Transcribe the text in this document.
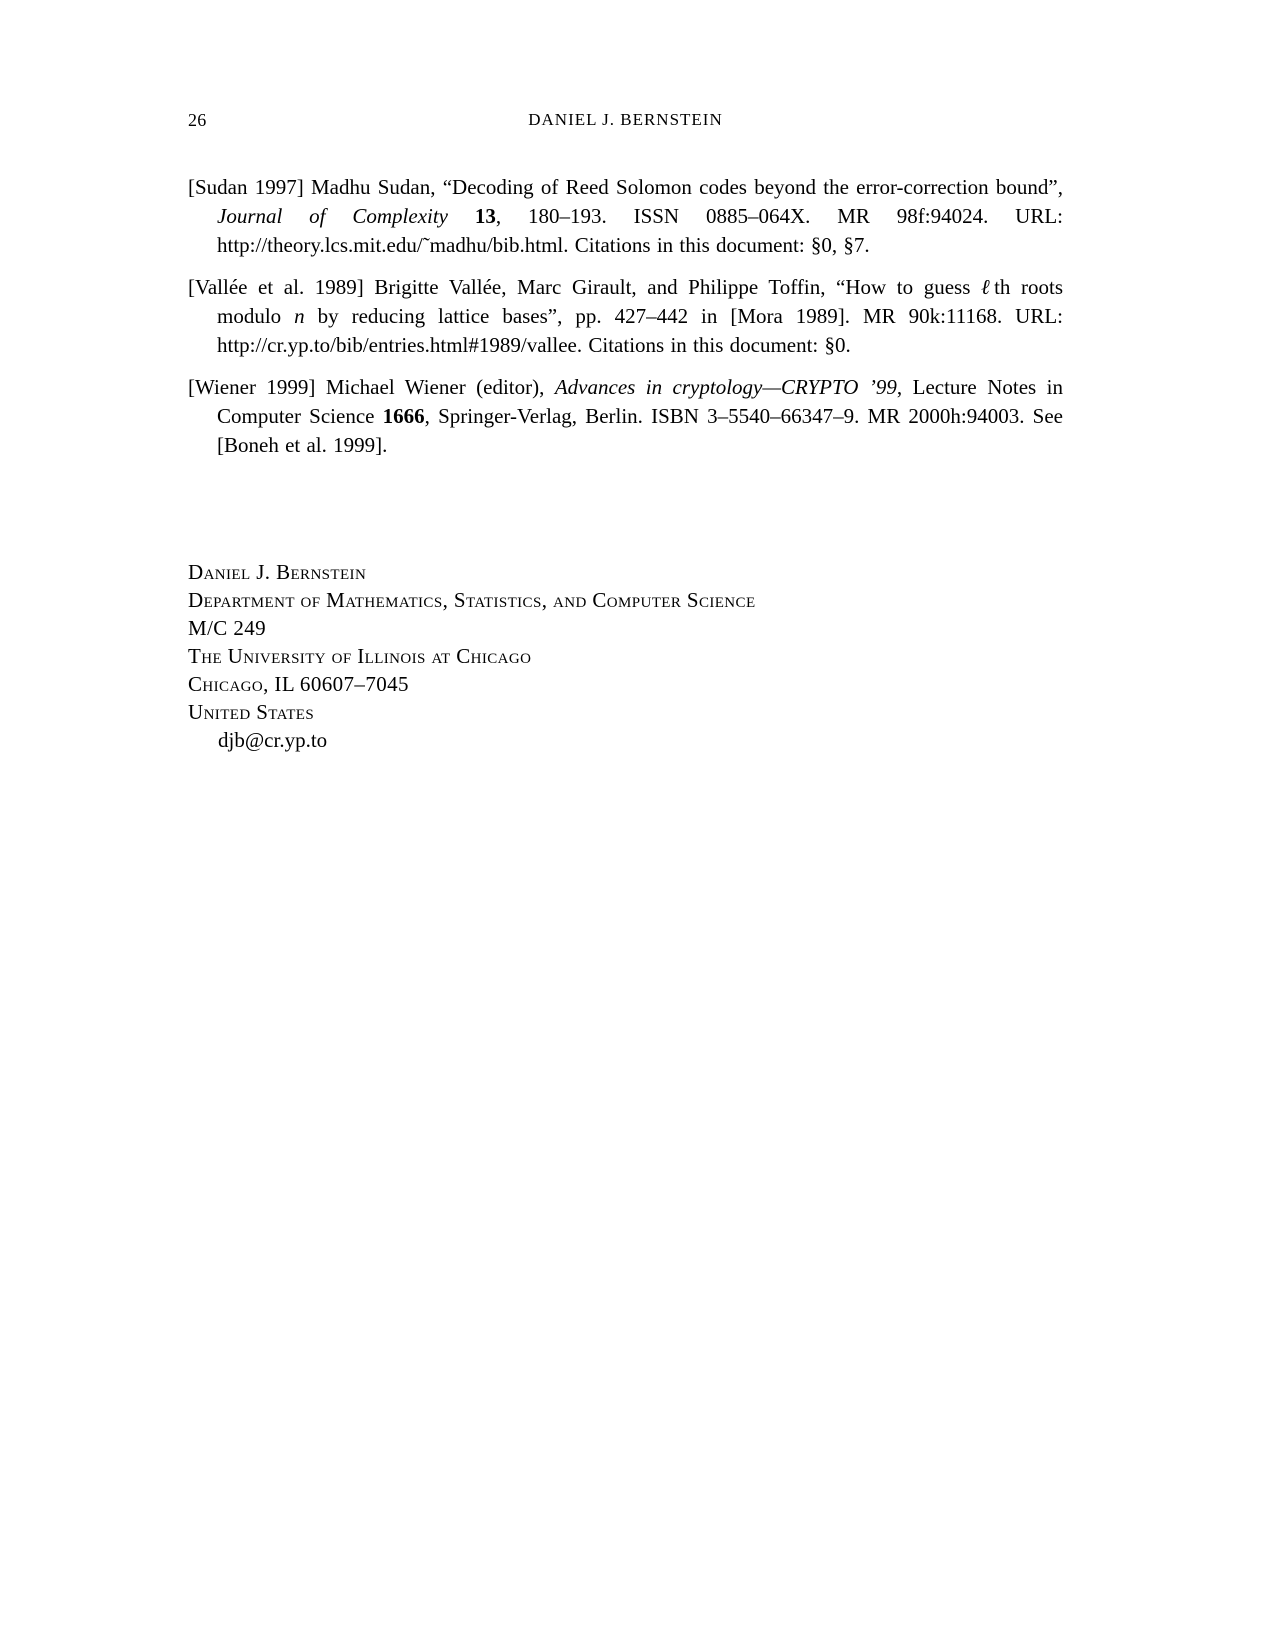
26	DANIEL J. BERNSTEIN

[Sudan 1997] Madhu Sudan, “Decoding of Reed Solomon codes beyond the error-correction bound”, Journal of Complexity 13, 180–193. ISSN 0885–064X. MR 98f:94024. URL: http://theory.lcs.mit.edu/˜madhu/bib.html. Citations in this document: §0, §7.

[Vallée et al. 1989] Brigitte Vallée, Marc Girault, and Philippe Toffin, “How to guess ℓth roots modulo n by reducing lattice bases”, pp. 427–442 in [Mora 1989]. MR 90k:11168. URL: http://cr.yp.to/bib/entries.html#1989/vallee. Citations in this document: §0.

[Wiener 1999] Michael Wiener (editor), Advances in cryptology—CRYPTO ’99, Lecture Notes in Computer Science 1666, Springer-Verlag, Berlin. ISBN 3–5540–66347–9. MR 2000h:94003. See [Boneh et al. 1999].

Daniel J. Bernstein
Department of Mathematics, Statistics, and Computer Science
M/C 249
The University of Illinois at Chicago
Chicago, IL 60607–7045
United States
djb@cr.yp.to
